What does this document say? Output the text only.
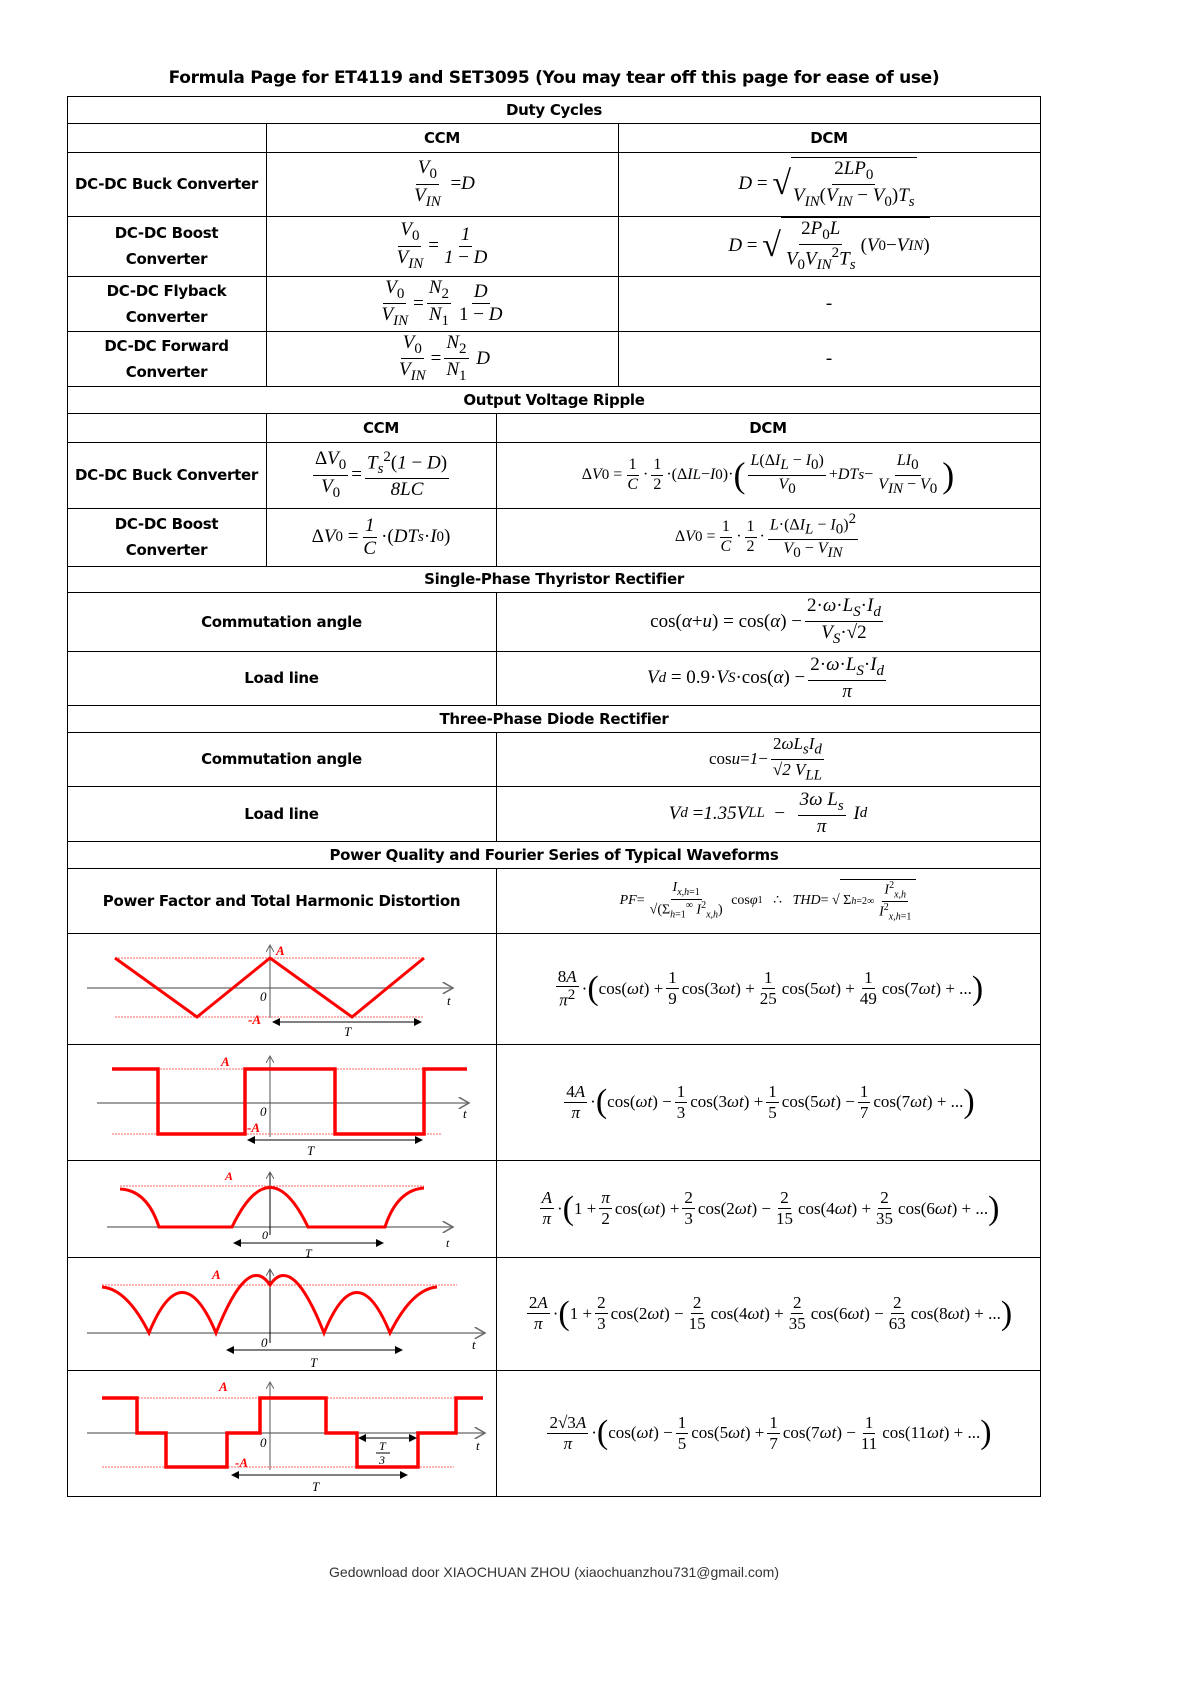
Formula Page for ET4119 and SET3095 (You may tear off this page for ease of use)
Duty Cycles
CCM	DCM
DC-DC Buck Converter
DC-DC Boost
Converter
DC-DC Flyback
Converter
DC-DC Forward
Converter
$\frac{V_0}{V_{IN}} = D$	D = √ $\frac{2LP_0}{V_{IN}(V_{IN} - V_0)T_s}$
$\frac{V_0}{V_{IN}} = \frac{1}{1 - D}$	D = √ $\frac{2P_0L}{V_0V_{IN}^2T_s}$ ( V 0 − V IN )
$\frac{V_0}{V_{IN}} = \frac{N_2}{N_1} \frac{D}{1 - D}$	-
$\frac{V_0}{V_{IN}} = \frac{N_2}{N_1}$
D	-
Output Voltage Ripple
CCM	DCM
DC-DC Buck Converter
DC-DC Boost
Converter
$\frac{\Delta V_0}{V_0} = \frac{T_s^2(1 - D)}{8LC}$	Δ V $0 = \frac{1}{C} \cdot \frac{1}{2} \cdot(\Delta$ I L − I 0 )· ( $\frac{L(\Delta I_L - I_0)}{V_0}$ + DT $s - \frac{LI_0}{V_{IN} - V_0}$ )
Δ V $0 = \frac{1}{C}$ ·( DT s · I 0 )	Δ V $0 = \frac{1}{C} \cdot \frac{1}{2} \cdot \frac{L\cdot(\Delta I_L - I_0)^2}{V_0 - V_{IN}}$
Single-Phase Thyristor Rectifier
Commutation angle	cos( α + u ) = cos( α ) − $\frac{2\cdot\omega\cdot L_S\cdot I_d}{V_S\cdot√2}$
Load line	V d = 0.9· V S ·cos( α ) − $\frac{2\cdot\omega\cdot L_S\cdot I_d}{\pi}$
Three-Phase Diode Rectifier
Commutation angle	$\cos u = 1 - \frac{2\omega L_sI_d}{√2 V_{LL}}$
Load line	V d = 1.35V LL − $\frac{3\omega L_s}{\pi}$
I d
Power Quality and Fourier Series of Typical Waveforms
Power Factor and Total Harmonic Distortion	PF = $\frac{I_{x,h=1}}{√(\Sigma_{h=1}^\infty I^2_{x,h})}$ cos φ 1 ∴ THD = √ Σ h=2 ∞ $\frac{I^2_{x,h}}{I^2_{x,h=1}}$
$\frac{8A}{\pi^2}$ · ( cos( ωt ) + $\frac{1}{9} \cos(3$ ωt ) + $\frac{1}{25} \cos(5$ ωt ) + $\frac{1}{49} \cos(7$ ωt ) + ... )
$\frac{4A}{\pi}$ · ( cos( ωt ) − $\frac{1}{3} \cos(3$ ωt ) + $\frac{1}{5} \cos(5$ ωt ) − $\frac{1}{7} \cos(7$ ωt ) + ... )
$\frac{A}{\pi}$ · ( $1 + \frac{\pi}{2} \cos$( ωt ) + $\frac{2}{3} \cos(2$ ωt ) − $\frac{2}{15} \cos(4$ ωt ) + $\frac{2}{35} \cos(6$ ωt ) + ... )
$\frac{2A}{\pi}$ · ( $1 + \frac{2}{3} \cos(2$ ωt ) − $\frac{2}{15} \cos(4$ ωt ) + $\frac{2}{35} \cos(6$ ωt ) − $\frac{2}{63} \cos(8$ ωt ) + ... )
$\frac{2√3A}{\pi}$ · ( cos( ωt ) − $\frac{1}{5} \cos(5$ ωt ) + $\frac{1}{7} \cos(7$ ωt ) − $\frac{1}{11} \cos(11$ ωt ) + ... )
A
-A
0	t
T
A
-A
0	t
T
A
0
t
T
A
0	t
T
A
-A
0	t
T
3
T
Gedownload door XIAOCHUAN ZHOU (xiaochuanzhou731@gmail.com)
